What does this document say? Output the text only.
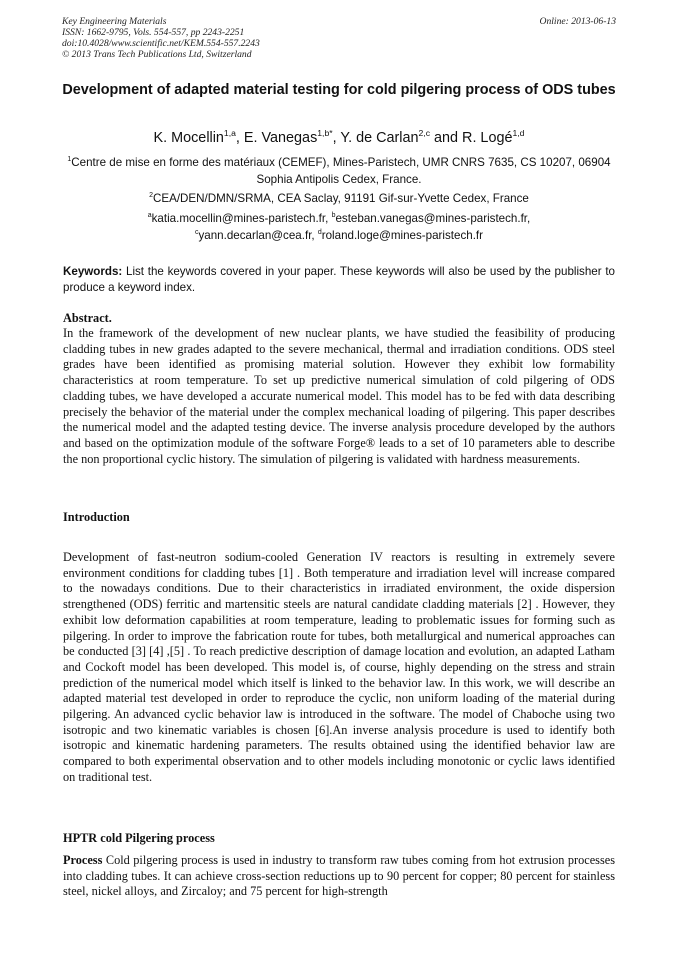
Key Engineering Materials
ISSN: 1662-9795, Vols. 554-557, pp 2243-2251
doi:10.4028/www.scientific.net/KEM.554-557.2243
© 2013 Trans Tech Publications Ltd, Switzerland
Online: 2013-06-13
Development of adapted material testing for cold pilgering process of ODS tubes
K. Mocellin$^{1,a}$, E. Vanegas$^{1,b*}$, Y. de Carlan$^{2,c}$ and R. Logé$^{1,d}$
$^1$Centre de mise en forme des matériaux (CEMEF), Mines-Paristech, UMR CNRS 7635, CS 10207, 06904 Sophia Antipolis Cedex, France.
$^2$CEA/DEN/DMN/SRMA, CEA Saclay, 91191 Gif-sur-Yvette Cedex, France
$^a$katia.mocellin@mines-paristech.fr, $^b$esteban.vanegas@mines-paristech.fr,
$^c$yann.decarlan@cea.fr, $^d$roland.loge@mines-paristech.fr
Keywords: List the keywords covered in your paper. These keywords will also be used by the publisher to produce a keyword index.
Abstract.
In the framework of the development of new nuclear plants, we have studied the feasibility of producing cladding tubes in new grades adapted to the severe mechanical, thermal and irradiation conditions. ODS steel grades have been identified as promising material solution. However they exhibit low formability characteristics at room temperature. To set up predictive numerical simulation of cold pilgering of ODS cladding tubes, we have developed a accurate numerical model. This model has to be fed with data describing precisely the behavior of the material under the complex mechanical loading of pilgering. This paper describes the numerical model and the adapted testing device. The inverse analysis procedure developed by the authors and based on the optimization module of the software Forge® leads to a set of 10 parameters able to describe the non proportional cyclic history. The simulation of pilgering is validated with hardness measurements.
Introduction
Development of fast-neutron sodium-cooled Generation IV reactors is resulting in extremely severe environment conditions for cladding tubes [1] . Both temperature and irradiation level will increase compared to the nowadays conditions. Due to their characteristics in irradiated environment, the oxide dispersion strengthened (ODS) ferritic and martensitic steels are natural candidate cladding materials [2] . However, they exhibit low deformation capabilities at room temperature, leading to problematic issues for forming such as pilgering. In order to improve the fabrication route for tubes, both metallurgical and numerical approaches can be conducted [3] [4] ,[5] . To reach predictive description of damage location and evolution, an adapted Latham and Cockoft model has been developed. This model is, of course, highly depending on the stress and strain prediction of the numerical model which itself is linked to the behavior law. In this work, we will describe an adapted material test developed in order to reproduce the cyclic, non uniform loading of the material during pilgering. An advanced cyclic behavior law is introduced in the software. The model of Chaboche using two isotropic and two kinematic variables is chosen [6].An inverse analysis procedure is used to identify both isotropic and kinematic hardening parameters. The results obtained using the identified behavior law are compared to both experimental observation and to other models including monotonic or cyclic laws identified on traditional test.
HPTR cold Pilgering process
Process Cold pilgering process is used in industry to transform raw tubes coming from hot extrusion processes into cladding tubes. It can achieve cross-section reductions up to 90 percent for copper; 80 percent for stainless steel, nickel alloys, and Zircaloy; and 75 percent for high-strength
